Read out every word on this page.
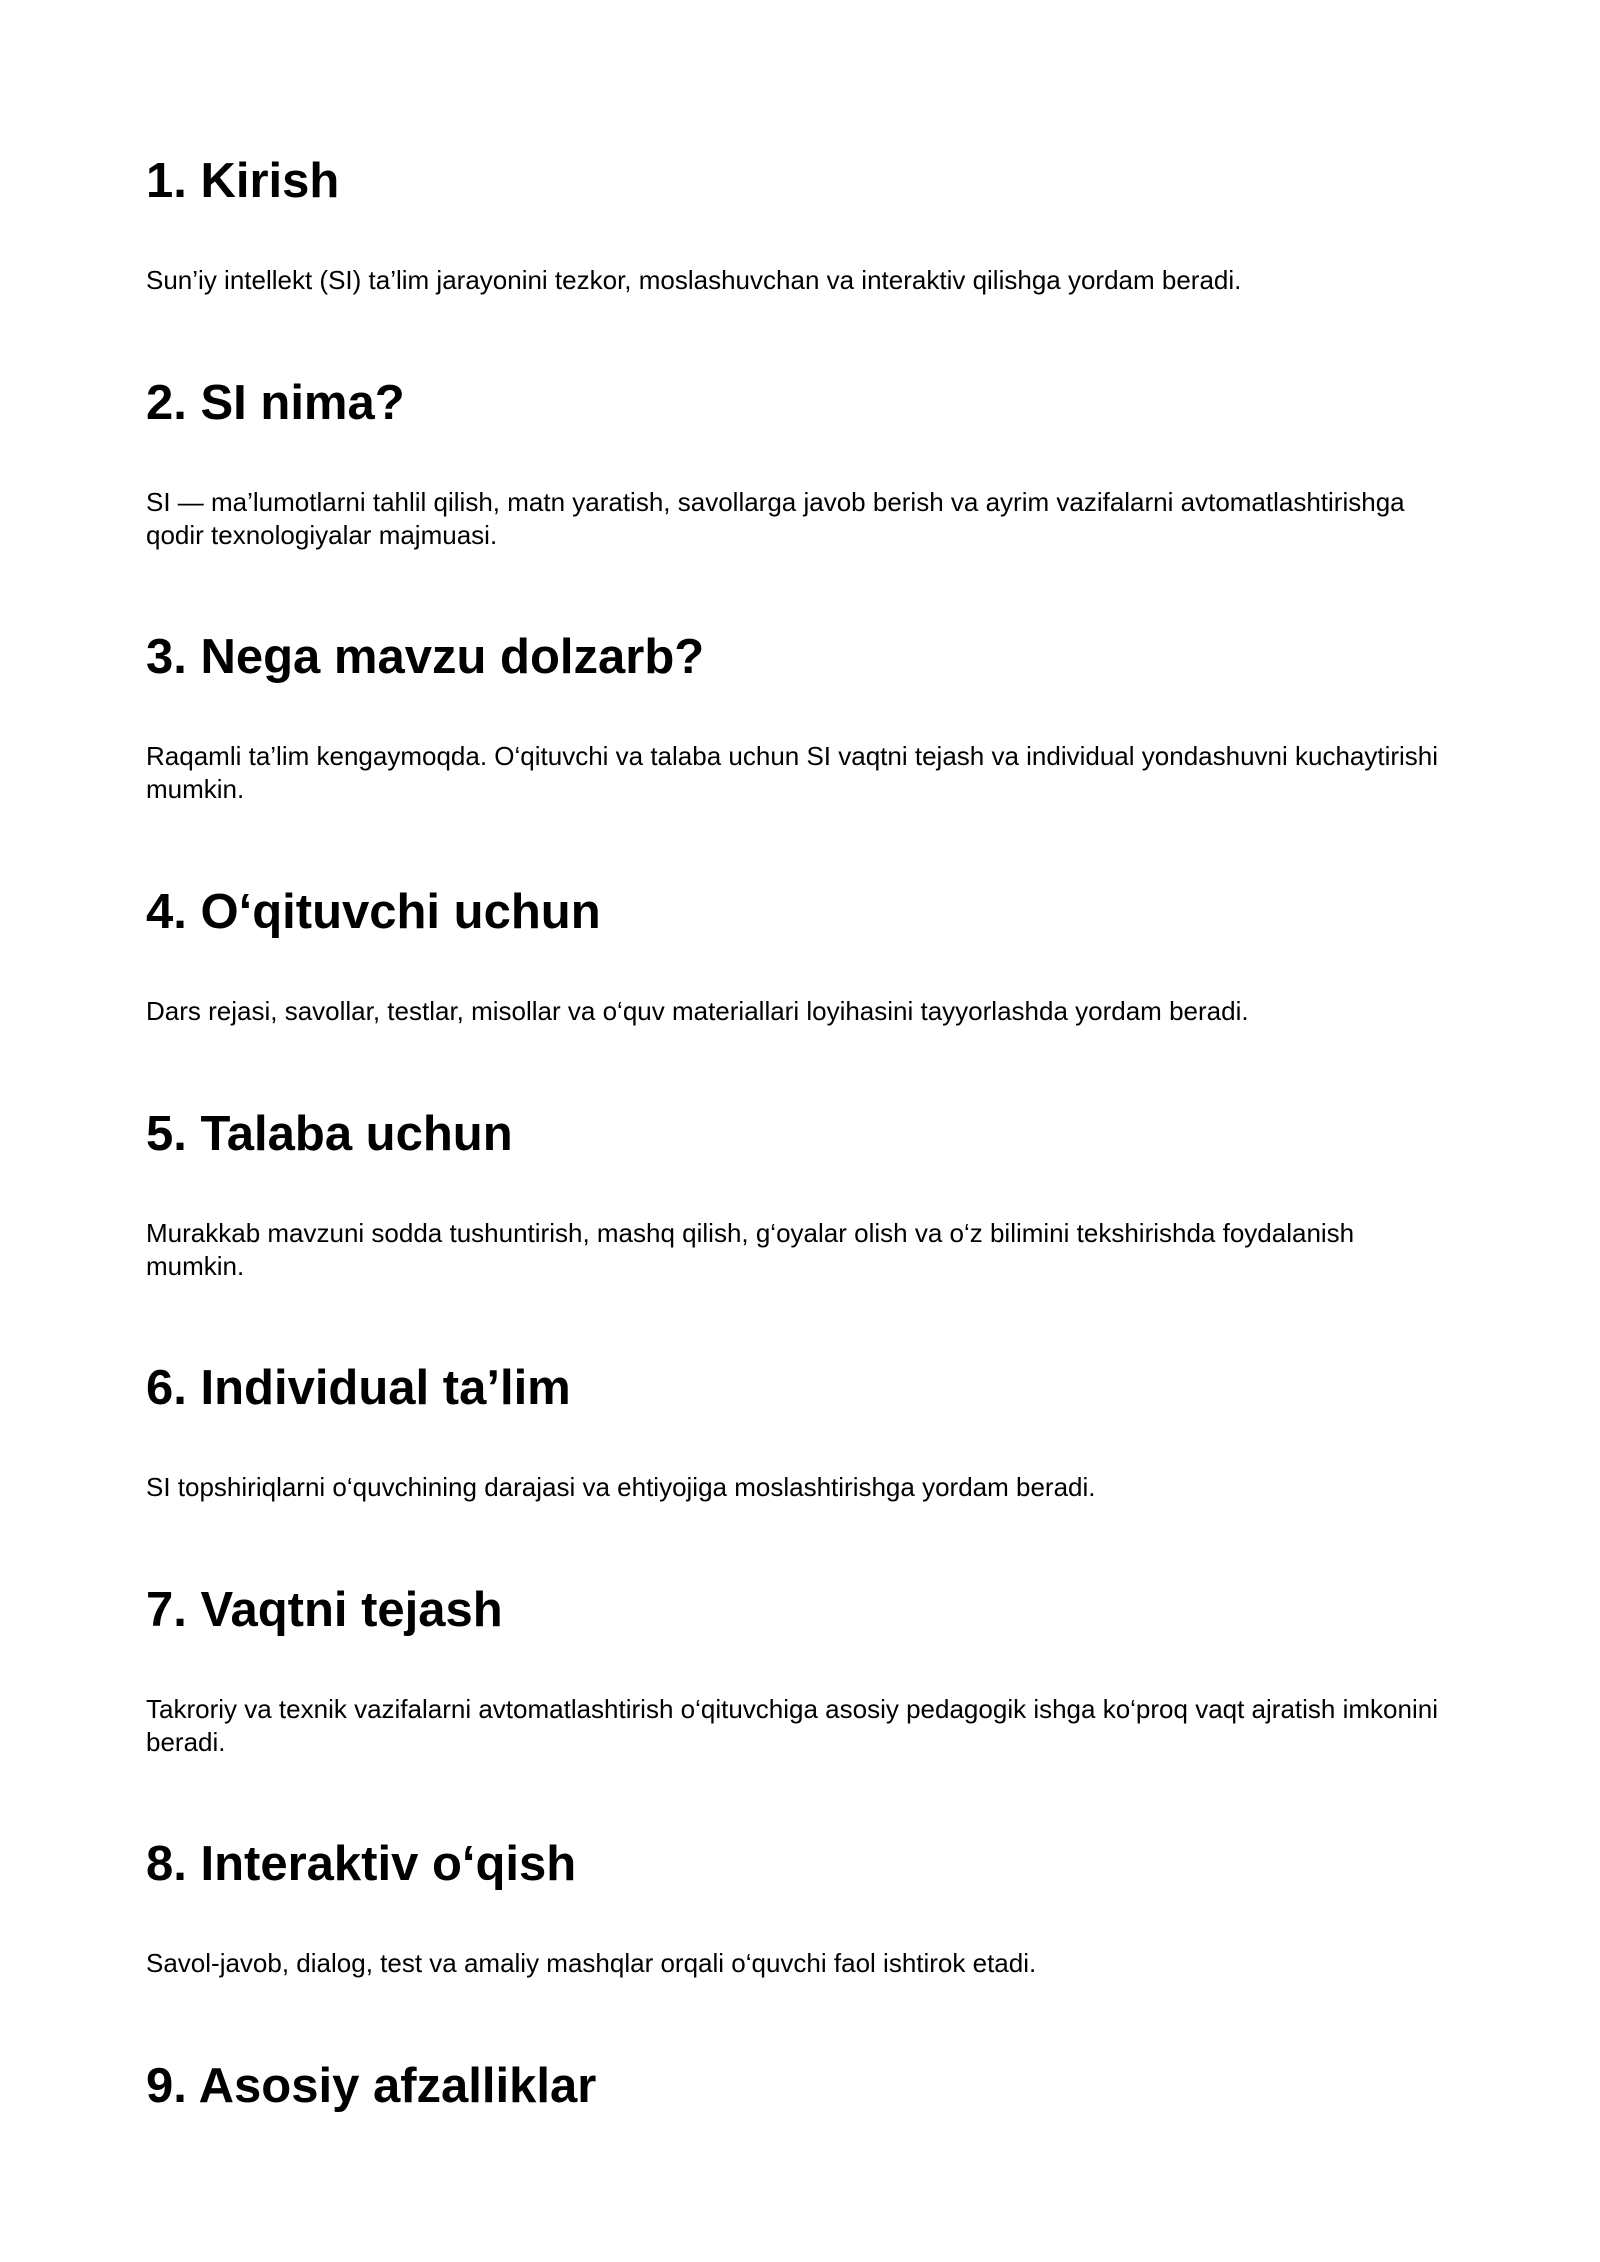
1. Kirish

Sun’iy intellekt (SI) ta’lim jarayonini tezkor, moslashuvchan va interaktiv qilishga yordam beradi.

2. SI nima?

SI — ma’lumotlarni tahlil qilish, matn yaratish, savollarga javob berish va ayrim vazifalarni avtomatlashtirishga qodir texnologiyalar majmuasi.

3. Nega mavzu dolzarb?

Raqamli ta’lim kengaymoqda. O‘qituvchi va talaba uchun SI vaqtni tejash va individual yondashuvni kuchaytirishi mumkin.

4. O‘qituvchi uchun

Dars rejasi, savollar, testlar, misollar va o‘quv materiallari loyihasini tayyorlashda yordam beradi.

5. Talaba uchun

Murakkab mavzuni sodda tushuntirish, mashq qilish, g‘oyalar olish va o‘z bilimini tekshirishda foydalanish mumkin.

6. Individual ta’lim

SI topshiriqlarni o‘quvchining darajasi va ehtiyojiga moslashtirishga yordam beradi.

7. Vaqtni tejash

Takroriy va texnik vazifalarni avtomatlashtirish o‘qituvchiga asosiy pedagogik ishga ko‘proq vaqt ajratish imkonini beradi.

8. Interaktiv o‘qish

Savol-javob, dialog, test va amaliy mashqlar orqali o‘quvchi faol ishtirok etadi.

9. Asosiy afzalliklar
